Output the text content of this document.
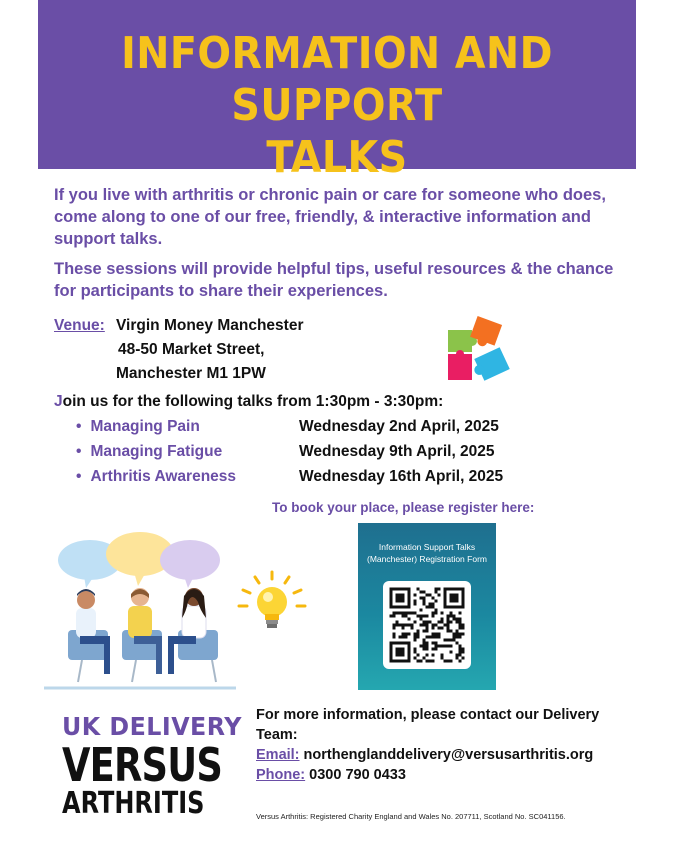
INFORMATION AND SUPPORT
TALKS

If you live with arthritis or chronic pain or care for someone who does, come along to one of our free, friendly, & interactive information and support talks.

These sessions will provide helpful tips, useful resources & the chance for participants to share their experiences.

Venue: Virgin Money Manchester
48-50 Market Street,
Manchester M1 1PW
Join us for the following talks from 1:30pm - 3:30pm:
• Managing Pain	Wednesday 2nd April, 2025
• Managing Fatigue	Wednesday 9th April, 2025
• Arthritis Awareness	Wednesday 16th April, 2025
To book your place, please register here:
Information Support Talks
(Manchester) Registration Form
For more information, please contact our Delivery
Team:
Email: northenglanddelivery@versusarthritis.org
Phone: 0300 790 0433
UK DELIVERY
VERSUS
ARTHRITIS	Versus Arthritis: Registered Charity England and Wales No. 207711, Scotland No. SC041156.
